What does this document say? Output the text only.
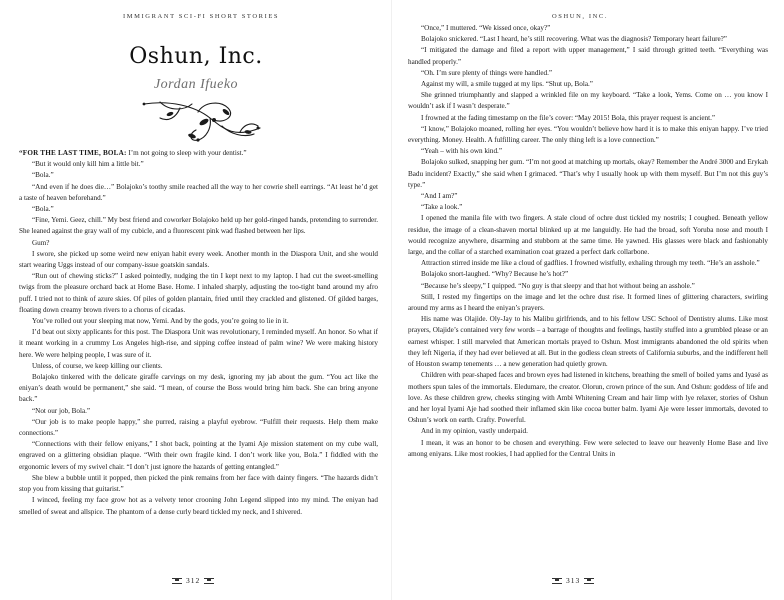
IMMIGRANT SCI-FI SHORT STORIES
Oshun, Inc.
Jordan Ifueko

“FOR THE LAST TIME, BOLA: I’m not going to sleep with your dentist.”

“But it would only kill him a little bit.”

“Bola.”

“And even if he does die…” Bolajoko’s toothy smile reached all the way to her cowrie shell earrings. “At least he’d get a taste of heaven beforehand.”

“Bola.”

“Fine, Yemi. Geez, chill.” My best friend and coworker Bolajoko held up her gold-ringed hands, pretending to surrender. She leaned against the gray wall of my cubicle, and a fluorescent pink wad flashed between her lips.

Gum?

I swore, she picked up some weird new eniyan habit every week. Another month in the Diaspora Unit, and she would start wearing Uggs instead of our company-issue goatskin sandals.

“Run out of chewing sticks?” I asked pointedly, nudging the tin I kept next to my laptop. I had cut the sweet-smelling twigs from the pleasure orchard back at Home Base. Home. I inhaled sharply, adjusting the too-tight band around my afro puff. I tried not to think of azure skies. Of piles of golden plantain, fried until they crackled and glistened. Of gilded barges, floating down creamy brown rivers to a chorus of cicadas.

You’ve rolled out your sleeping mat now, Yemi. And by the gods, you’re going to lie in it.

I’d beat out sixty applicants for this post. The Diaspora Unit was revolutionary, I reminded myself. An honor. So what if it meant working in a crummy Los Angeles high-rise, and sipping coffee instead of palm wine? We were making history here. We were helping people, I was sure of it.

Unless, of course, we keep killing our clients.

Bolajoko tinkered with the delicate giraffe carvings on my desk, ignoring my jab about the gum. “You act like the eniyan’s death would be permanent,” she said. “I mean, of course the Boss would bring him back. She can bring anyone back.”

“Not our job, Bola.”

“Our job is to make people happy,” she purred, raising a playful eyebrow. “Fulfill their requests. Help them make connections.”

“Connections with their fellow eniyans,” I shot back, pointing at the Iyami Aje mission statement on my cube wall, engraved on a glittering obsidian plaque. “With their own fragile kind. I don’t work like you, Bola.” I fiddled with the ergonomic levers of my swivel chair. “I don’t just ignore the hazards of getting entangled.”

She blew a bubble until it popped, then picked the pink remains from her face with dainty fingers. “The hazards didn’t stop you from kissing that guitarist.”

I winced, feeling my face grow hot as a velvety tenor crooning John Legend slipped into my mind. The eniyan had smelled of sweat and allspice. The phantom of a dense curly beard tickled my neck, and I shivered.

312
OSHUN, INC.

“Once,” I muttered. “We kissed once, okay?”

Bolajoko snickered. “Last I heard, he’s still recovering. What was the diagnosis? Temporary heart failure?”

“I mitigated the damage and filed a report with upper management,” I said through gritted teeth. “Everything was handled properly.”

“Oh. I’m sure plenty of things were handled.”

Against my will, a smile tugged at my lips. “Shut up, Bola.”

She grinned triumphantly and slapped a wrinkled file on my keyboard. “Take a look, Yems. Come on … you know I wouldn’t ask if I wasn’t desperate.”

I frowned at the fading timestamp on the file’s cover: “May 2015! Bola, this prayer request is ancient.”

“I know,” Bolajoko moaned, rolling her eyes. “You wouldn’t believe how hard it is to make this eniyan happy. I’ve tried everything. Money. Health. A fulfilling career. The only thing left is a love connection.”

“Yeah – with his own kind.”

Bolajoko sulked, snapping her gum. “I’m not good at matching up mortals, okay? Remember the André 3000 and Erykah Badu incident? Exactly,” she said when I grimaced. “That’s why I usually hook up with them myself. But I’m not this guy’s type.”

“And I am?”

“Take a look.”

I opened the manila file with two fingers. A stale cloud of ochre dust tickled my nostrils; I coughed. Beneath yellow residue, the image of a clean-shaven mortal blinked up at me languidly. He had the broad, soft Yoruba nose and mouth I would recognize anywhere, disarming and stubborn at the same time. He yawned. His glasses were black and fashionably large, and the collar of a starched examination coat grazed a perfect dark collarbone.

Attraction stirred inside me like a cloud of gadflies. I frowned wistfully, exhaling through my teeth. “He’s an asshole.”

Bolajoko snort-laughed. “Why? Because he’s hot?”

“Because he’s sleepy,” I quipped. “No guy is that sleepy and that hot without being an asshole.”

Still, I rested my fingertips on the image and let the ochre dust rise. It formed lines of glittering characters, swirling around my arms as I heard the eniyan’s prayers.

His name was Olajide. Oly-Jay to his Malibu girlfriends, and to his fellow USC School of Dentistry alums. Like most prayers, Olajide’s contained very few words – a barrage of thoughts and feelings, hastily stuffed into a grumbled please or an earnest whisper. I still marveled that American mortals prayed to Oshun. Most immigrants abandoned the old spirits when they left Nigeria, if they had ever believed at all. But in the godless clean streets of California suburbs, and the indifferent hell of Houston swamp tenements … a new generation had quietly grown.

Children with pear-shaped faces and brown eyes had listened in kitchens, breathing the smell of boiled yams and Iyasé as mothers spun tales of the immortals. Eledumare, the creator. Olorun, crown prince of the sun. And Oshun: goddess of life and love. As these children grew, cheeks stinging with Ambi Whitening Cream and hair limp with lye relaxer, stories of Oshun and her loyal Iyami Aje had soothed their inflamed skin like cocoa butter balm. Iyami Aje were lesser immortals, devoted to Oshun’s work on earth. Crafty. Powerful.

And in my opinion, vastly underpaid.

I mean, it was an honor to be chosen and everything. Few were selected to leave our heavenly Home Base and live among eniyans. Like most rookies, I had applied for the Central Units in

313
